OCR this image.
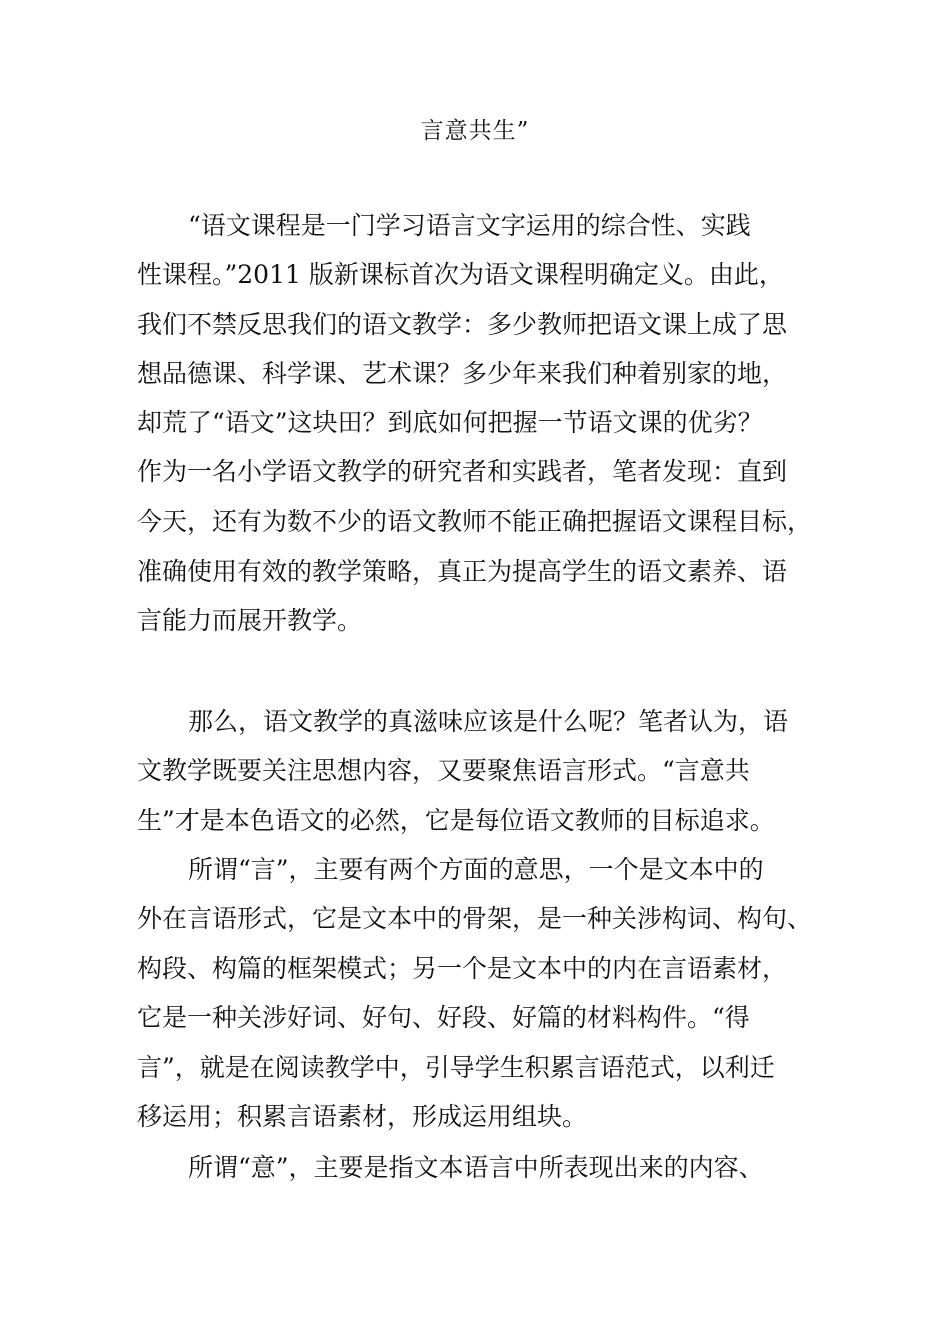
言意共生”
“语文课程是一门学习语言文字运用的综合性、实践
性课程。”2011 版新课标首次为语文课程明确定义。由此，
我们不禁反思我们的语文教学：多少教师把语文课上成了思
想品德课、科学课、艺术课？多少年来我们种着别家的地，
却荒了“语文”这块田？到底如何把握一节语文课的优劣？
作为一名小学语文教学的研究者和实践者，笔者发现：直到
今天，还有为数不少的语文教师不能正确把握语文课程目标，
准确使用有效的教学策略，真正为提高学生的语文素养、语
言能力而展开教学。
那么，语文教学的真滋味应该是什么呢？笔者认为，语
文教学既要关注思想内容，又要聚焦语言形式。“言意共
生”才是本色语文的必然，它是每位语文教师的目标追求。
所谓“言”，主要有两个方面的意思，一个是文本中的
外在言语形式，它是文本中的骨架，是一种关涉构词、构句、
构段、构篇的框架模式；另一个是文本中的内在言语素材，
它是一种关涉好词、好句、好段、好篇的材料构件。“得
言”，就是在阅读教学中，引导学生积累言语范式，以利迁
移运用；积累言语素材，形成运用组块。
所谓“意”，主要是指文本语言中所表现出来的内容、
